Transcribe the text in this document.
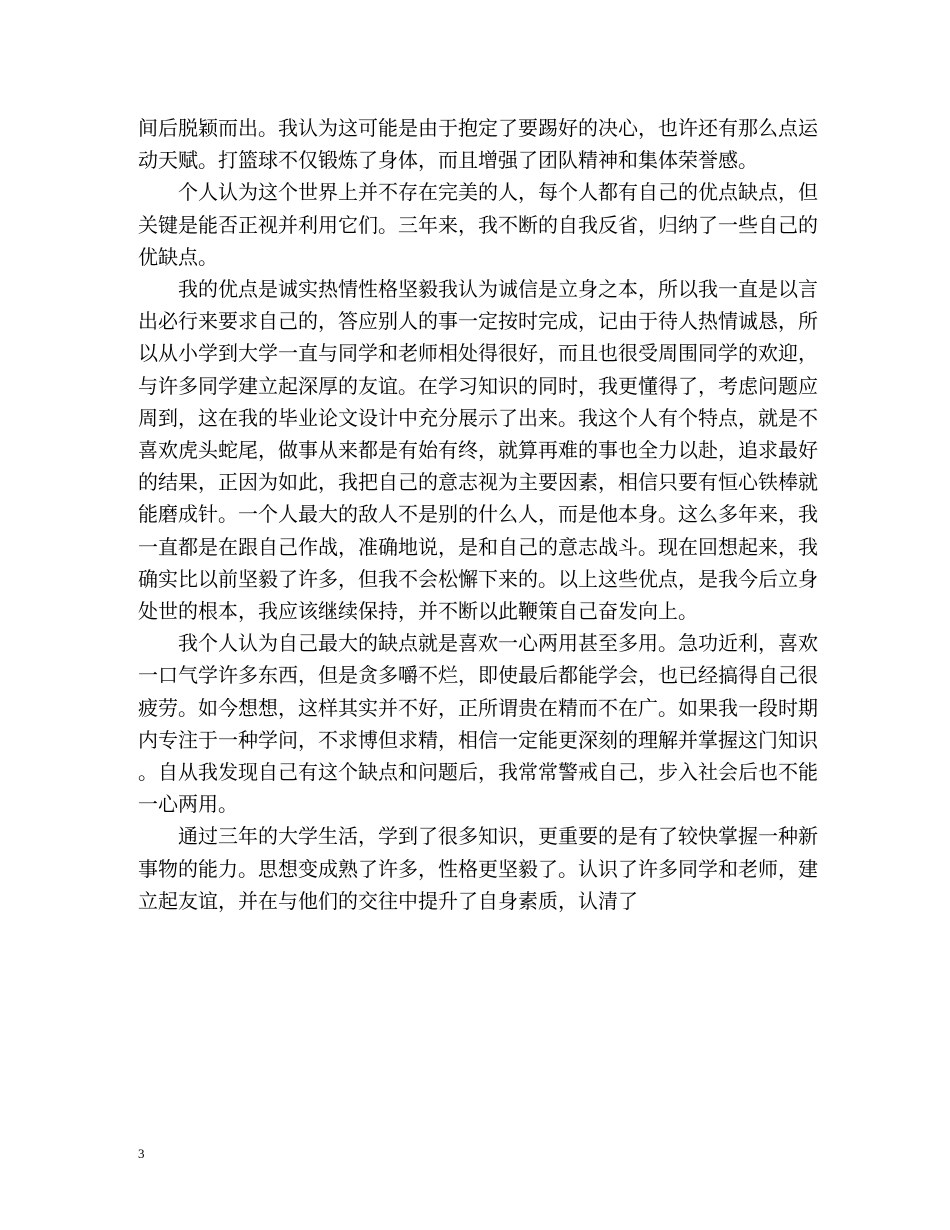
间后脱颖而出。我认为这可能是由于抱定了要踢好的决心，也许还有那么点运动天赋。打篮球不仅锻炼了身体，而且增强了团队精神和集体荣誉感。

个人认为这个世界上并不存在完美的人，每个人都有自己的优点缺点，但关键是能否正视并利用它们。三年来，我不断的自我反省，归纳了一些自己的优缺点。

我的优点是诚实热情性格坚毅我认为诚信是立身之本，所以我一直是以言出必行来要求自己的，答应别人的事一定按时完成，记由于待人热情诚恳，所以从小学到大学一直与同学和老师相处得很好，而且也很受周围同学的欢迎，与许多同学建立起深厚的友谊。在学习知识的同时，我更懂得了，考虑问题应周到，这在我的毕业论文设计中充分展示了出来。我这个人有个特点，就是不喜欢虎头蛇尾，做事从来都是有始有终，就算再难的事也全力以赴，追求最好的结果，正因为如此，我把自己的意志视为主要因素，相信只要有恒心铁棒就能磨成针。一个人最大的敌人不是别的什么人，而是他本身。这么多年来，我一直都是在跟自己作战，准确地说，是和自己的意志战斗。现在回想起来，我确实比以前坚毅了许多，但我不会松懈下来的。以上这些优点，是我今后立身处世的根本，我应该继续保持，并不断以此鞭策自己奋发向上。

我个人认为自己最大的缺点就是喜欢一心两用甚至多用。急功近利，喜欢一口气学许多东西，但是贪多嚼不烂，即使最后都能学会，也已经搞得自己很疲劳。如今想想，这样其实并不好，正所谓贵在精而不在广。如果我一段时期内专注于一种学问，不求博但求精，相信一定能更深刻的理解并掌握这门知识。自从我发现自己有这个缺点和问题后，我常常警戒自己，步入社会后也不能一心两用。

通过三年的大学生活，学到了很多知识，更重要的是有了较快掌握一种新事物的能力。思想变成熟了许多，性格更坚毅了。认识了许多同学和老师，建立起友谊，并在与他们的交往中提升了自身素质，认清了

3
